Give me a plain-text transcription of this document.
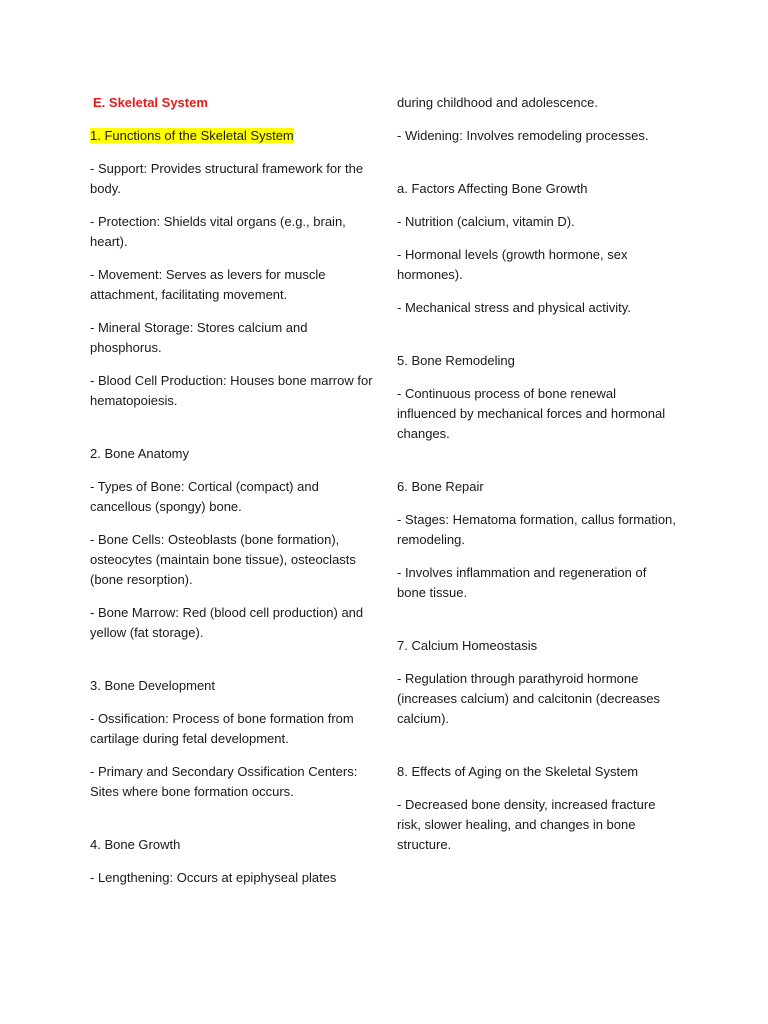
E. Skeletal System

1. Functions of the Skeletal System

- Support: Provides structural framework for the body.

- Protection: Shields vital organs (e.g., brain, heart).

- Movement: Serves as levers for muscle attachment, facilitating movement.

- Mineral Storage: Stores calcium and phosphorus.

- Blood Cell Production: Houses bone marrow for hematopoiesis.

2. Bone Anatomy

- Types of Bone: Cortical (compact) and cancellous (spongy) bone.

- Bone Cells: Osteoblasts (bone formation), osteocytes (maintain bone tissue), osteoclasts (bone resorption).

- Bone Marrow: Red (blood cell production) and yellow (fat storage).

3. Bone Development

- Ossification: Process of bone formation from cartilage during fetal development.

- Primary and Secondary Ossification Centers: Sites where bone formation occurs.

4. Bone Growth

- Lengthening: Occurs at epiphyseal plates

during childhood and adolescence.

- Widening: Involves remodeling processes.

a. Factors Affecting Bone Growth

- Nutrition (calcium, vitamin D).

- Hormonal levels (growth hormone, sex hormones).

- Mechanical stress and physical activity.

5. Bone Remodeling

- Continuous process of bone renewal influenced by mechanical forces and hormonal changes.

6. Bone Repair

- Stages: Hematoma formation, callus formation, remodeling.

- Involves inflammation and regeneration of bone tissue.

7. Calcium Homeostasis

- Regulation through parathyroid hormone (increases calcium) and calcitonin (decreases calcium).

8. Effects of Aging on the Skeletal System

- Decreased bone density, increased fracture risk, slower healing, and changes in bone structure.
